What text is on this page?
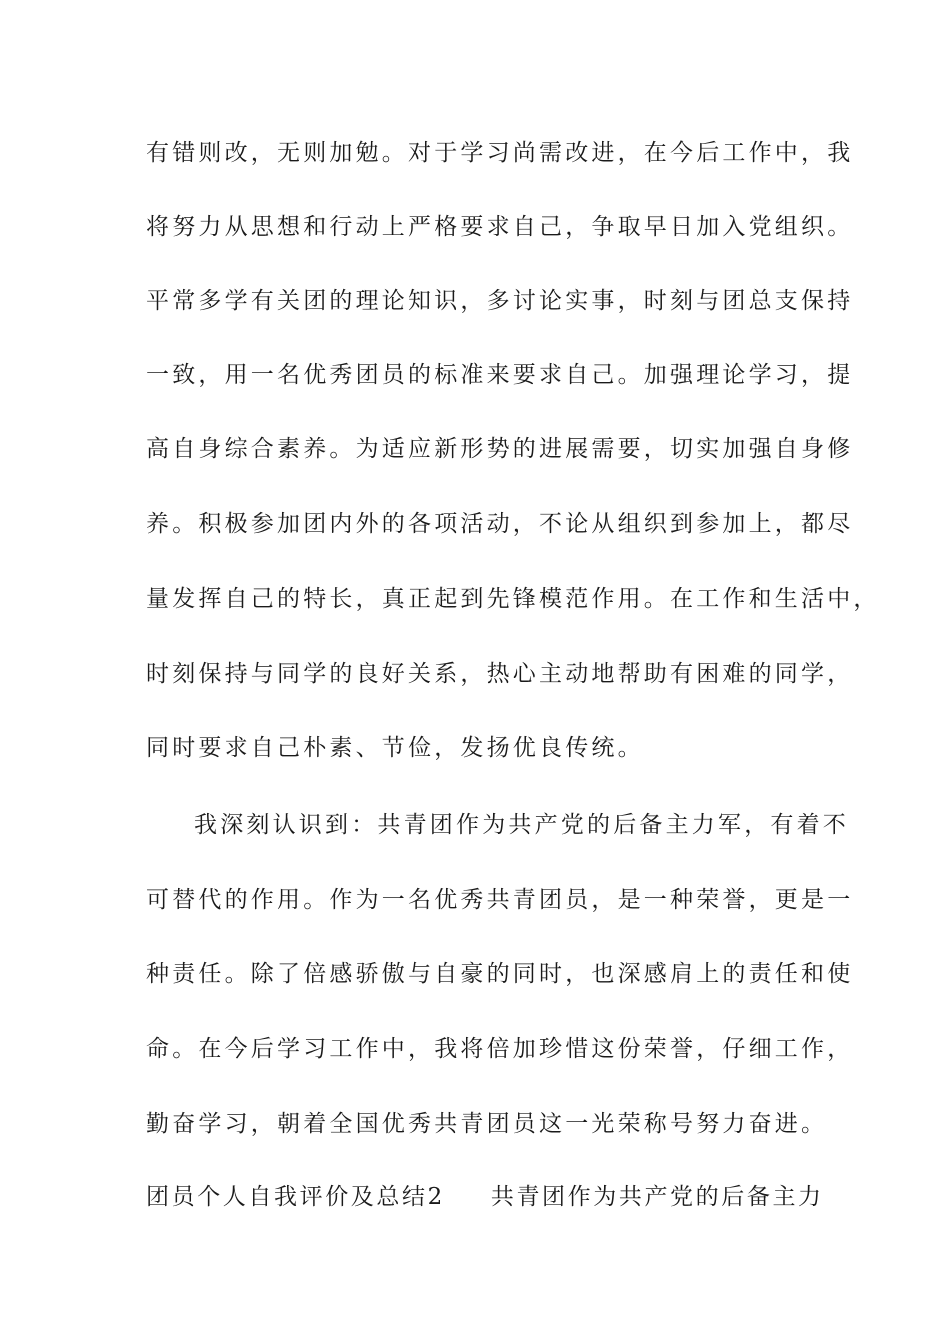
有错则改，无则加勉。对于学习尚需改进，在今后工作中，我
将努力从思想和行动上严格要求自己，争取早日加入党组织。
平常多学有关团的理论知识，多讨论实事，时刻与团总支保持
一致，用一名优秀团员的标准来要求自己。加强理论学习，提
高自身综合素养。为适应新形势的进展需要，切实加强自身修
养。积极参加团内外的各项活动，不论从组织到参加上，都尽
量发挥自己的特长，真正起到先锋模范作用。在工作和生活中，
时刻保持与同学的良好关系，热心主动地帮助有困难的同学，
同时要求自己朴素、节俭，发扬优良传统。
我深刻认识到：共青团作为共产党的后备主力军，有着不
可替代的作用。作为一名优秀共青团员，是一种荣誉，更是一
种责任。除了倍感骄傲与自豪的同时，也深感肩上的责任和使
命。在今后学习工作中，我将倍加珍惜这份荣誉，仔细工作，
勤奋学习，朝着全国优秀共青团员这一光荣称号努力奋进。
团员个人自我评价及总结2 共青团作为共产党的后备主力
